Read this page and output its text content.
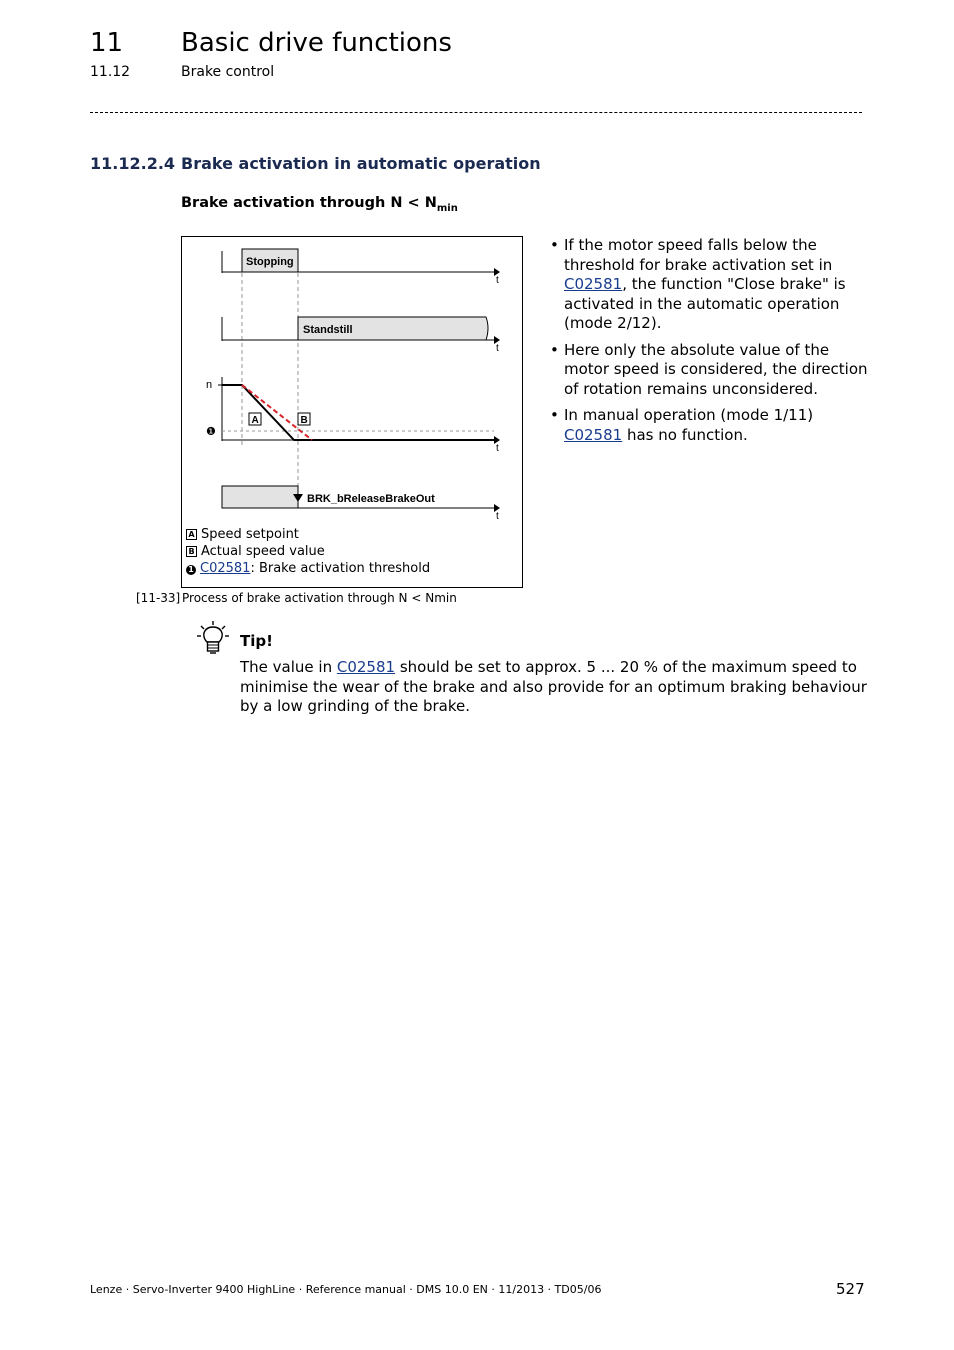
11 Basic drive functions
11.12	Brake control
11.12.2.4 Brake activation in automatic operation
Brake activation through $N < N_{min}$
Stopping
t
Standstill
t
n
❶
A	B
t
BRK_bReleaseBrakeOut
t
A Speed setpoint
B Actual speed value
1 C02581: Brake activation threshold
[11-33] Process of brake activation through N < Nmin
• If the motor speed falls below the threshold for brake activation set in C02581, the function "Close brake" is activated in the automatic operation (mode 2/12).
• Here only the absolute value of the motor speed is considered, the direction of rotation remains unconsidered.
• In manual operation (mode 1/11) C02581 has no function.
Tip!
The value in C02581 should be set to approx. 5 ... 20 % of the maximum speed to minimise the wear of the brake and also provide for an optimum braking behaviour by a low grinding of the brake.
Lenze · Servo-Inverter 9400 HighLine · Reference manual · DMS 10.0 EN · 11/2013 · TD05/06	527
